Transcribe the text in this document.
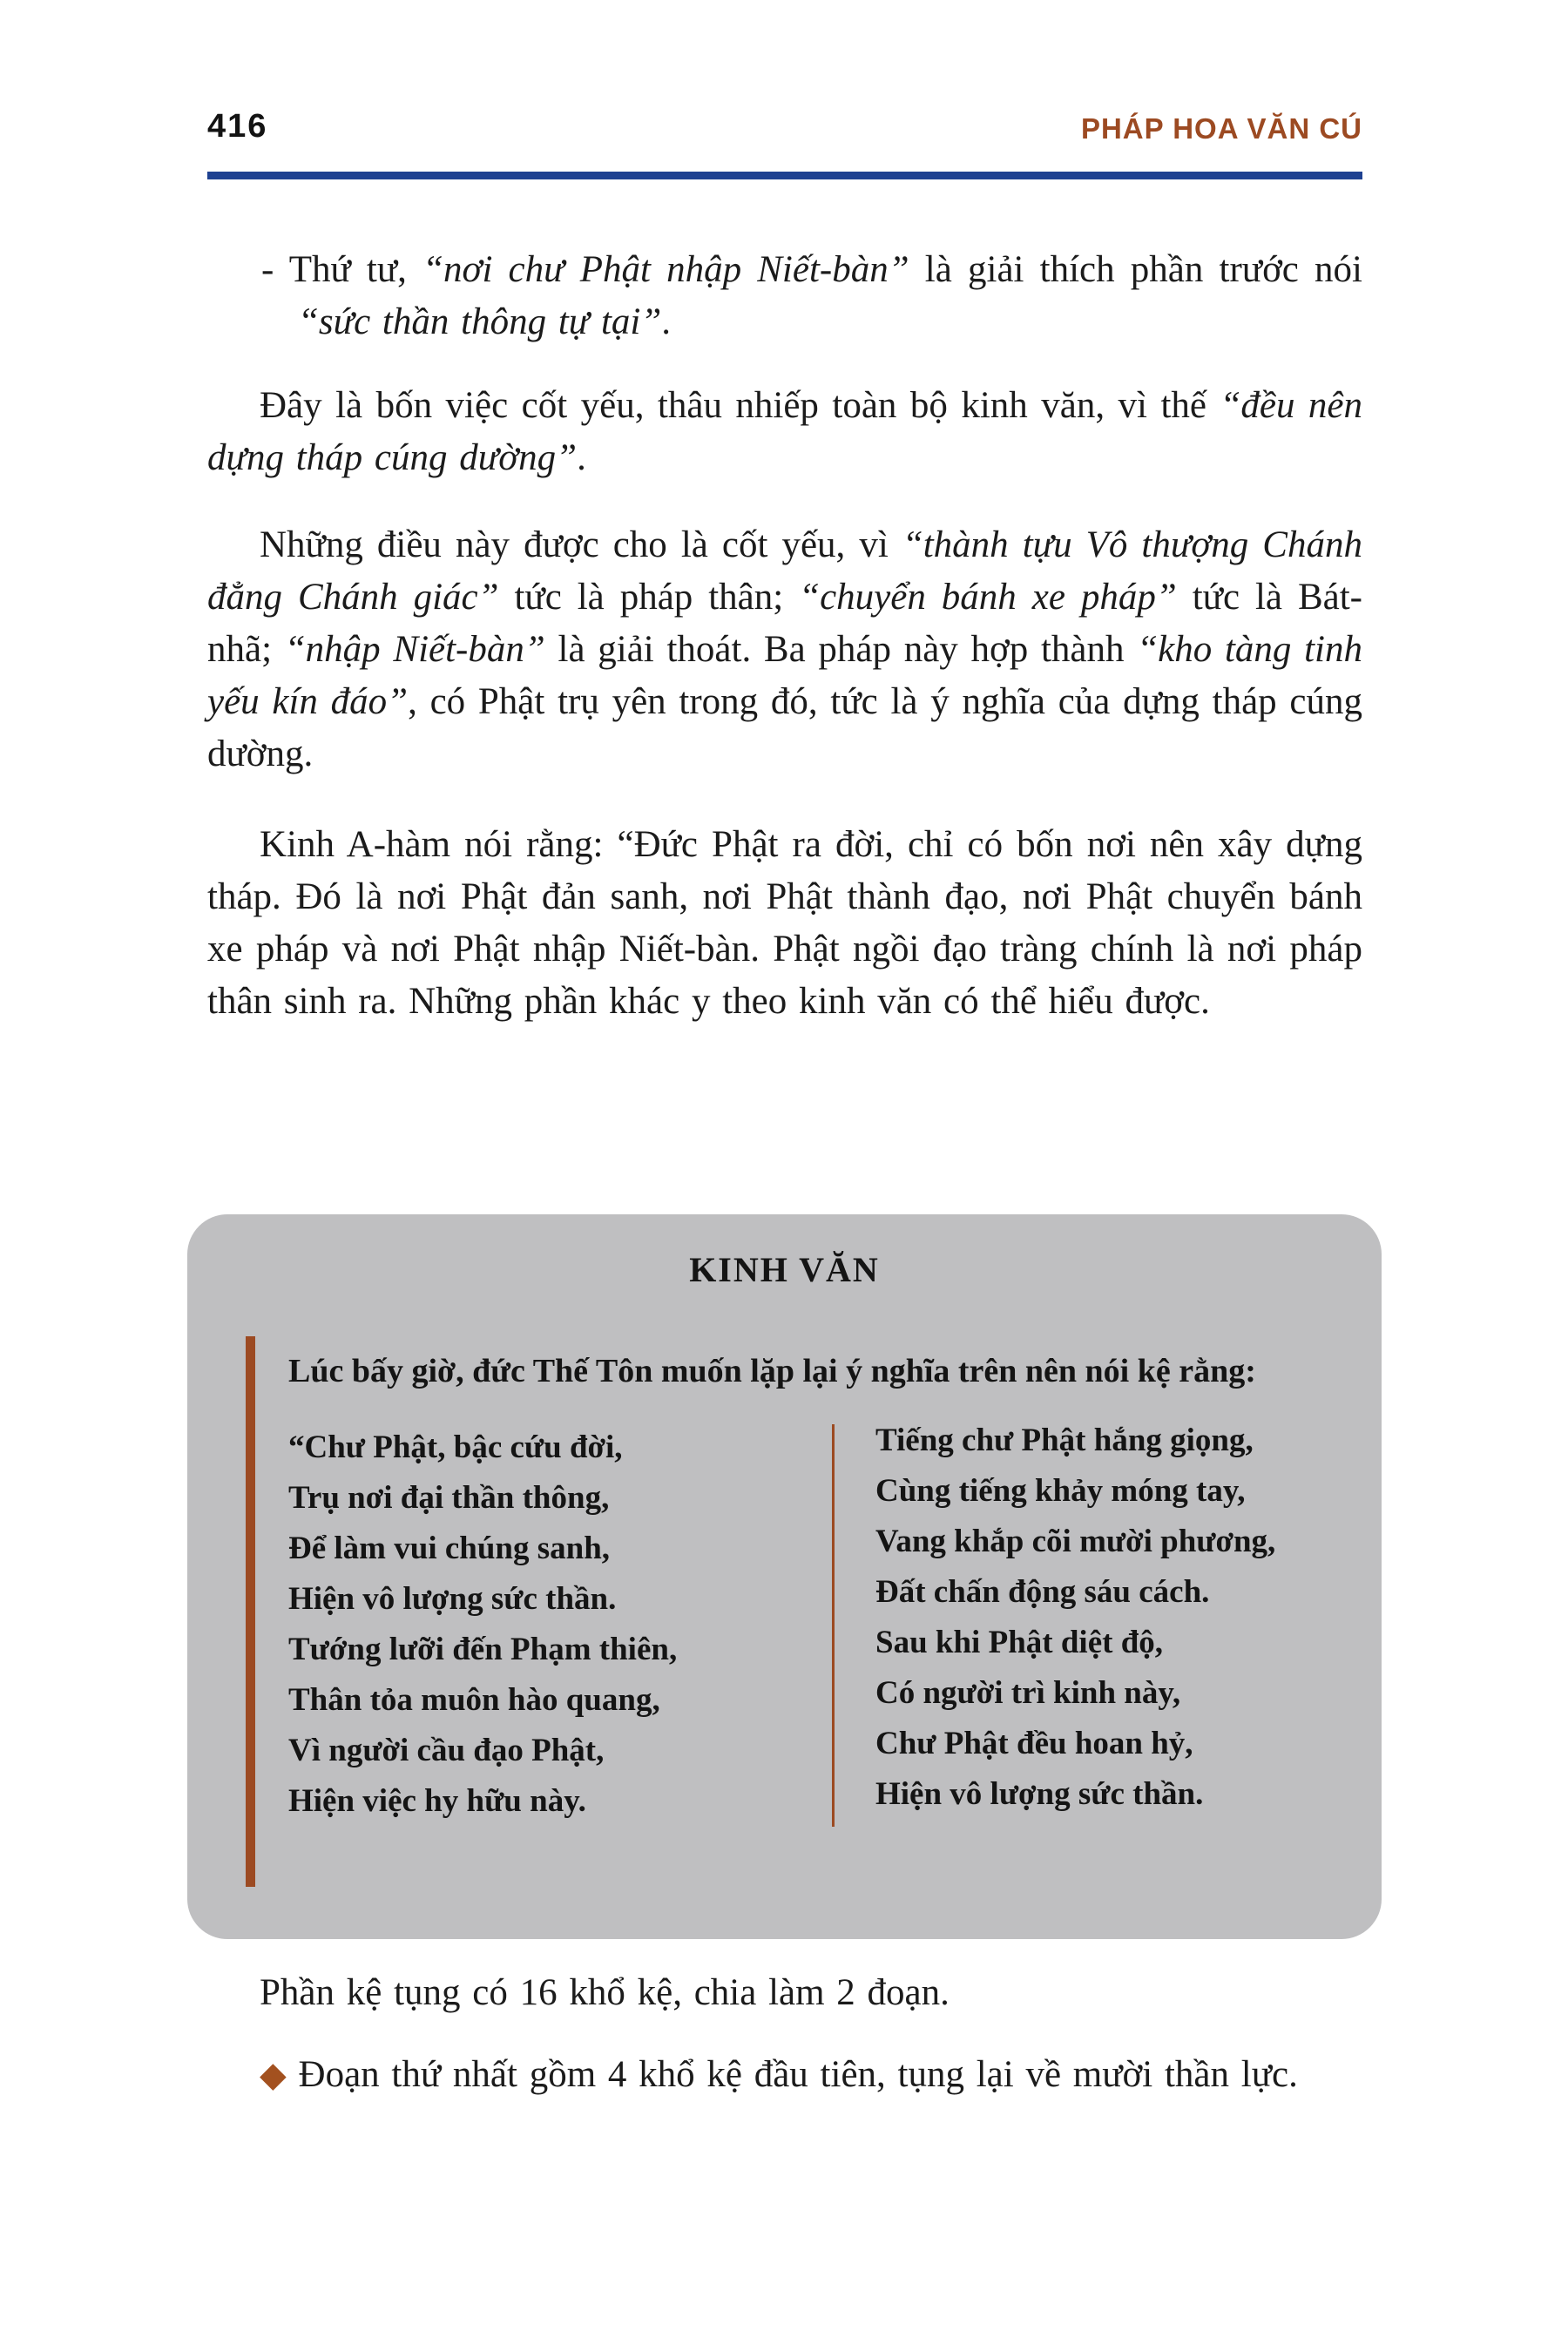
416	PHÁP HOA VĂN CÚ

- Thứ tư, “nơi chư Phật nhập Niết-bàn” là giải thích phần trước nói “sức thần thông tự tại”.

Đây là bốn việc cốt yếu, thâu nhiếp toàn bộ kinh văn, vì thế “đều nên dựng tháp cúng dường”.

Những điều này được cho là cốt yếu, vì “thành tựu Vô thượng Chánh đẳng Chánh giác” tức là pháp thân; “chuyển bánh xe pháp” tức là Bát-nhã; “nhập Niết-bàn” là giải thoát. Ba pháp này hợp thành “kho tàng tinh yếu kín đáo”, có Phật trụ yên trong đó, tức là ý nghĩa của dựng tháp cúng dường.

Kinh A-hàm nói rằng: “Đức Phật ra đời, chỉ có bốn nơi nên xây dựng tháp. Đó là nơi Phật đản sanh, nơi Phật thành đạo, nơi Phật chuyển bánh xe pháp và nơi Phật nhập Niết-bàn. Phật ngồi đạo tràng chính là nơi pháp thân sinh ra. Những phần khác y theo kinh văn có thể hiểu được.

KINH VĂN
Lúc bấy giờ, đức Thế Tôn muốn lặp lại ý nghĩa trên nên nói kệ rằng:
“Chư Phật, bậc cứu đời,
Trụ nơi đại thần thông,
Để làm vui chúng sanh,
Hiện vô lượng sức thần.
Tướng lưỡi đến Phạm thiên,
Thân tỏa muôn hào quang,
Vì người cầu đạo Phật,
Hiện việc hy hữu này.
Tiếng chư Phật hắng giọng,
Cùng tiếng khảy móng tay,
Vang khắp cõi mười phương,
Đất chấn động sáu cách.
Sau khi Phật diệt độ,
Có người trì kinh này,
Chư Phật đều hoan hỷ,
Hiện vô lượng sức thần.

Phần kệ tụng có 16 khổ kệ, chia làm 2 đoạn.

◆ Đoạn thứ nhất gồm 4 khổ kệ đầu tiên, tụng lại về mười thần lực.
